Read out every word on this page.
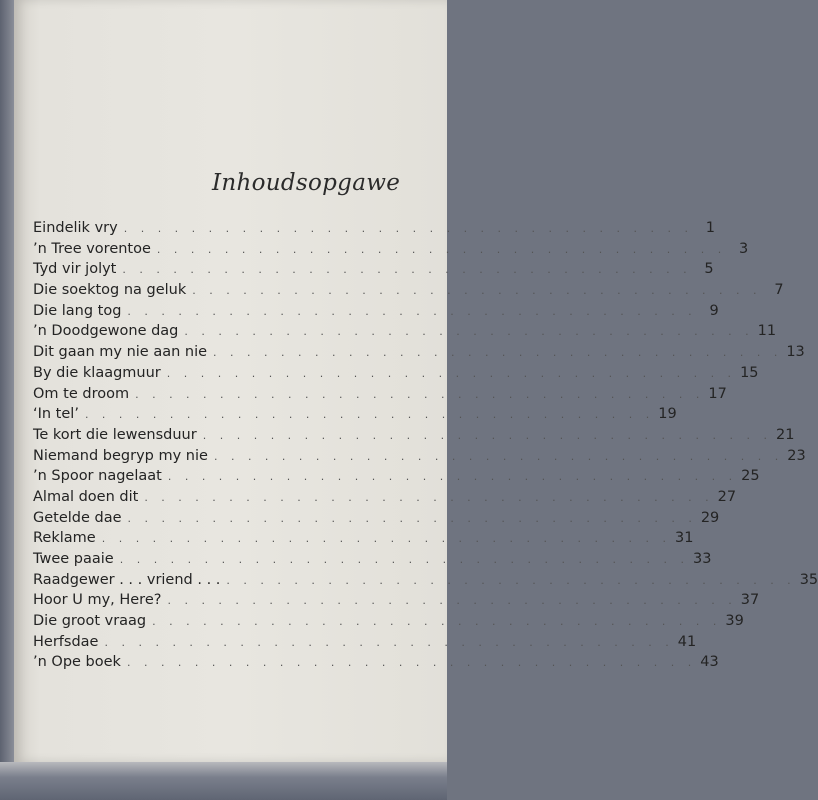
Inhoudsopgawe
Eindelik vry . . . . . . . . . . . . . . . . . . . . . . . . . . . . . . . . . . 1
’n Tree vorentoe . . . . . . . . . . . . . . . . . . . . . . . . . . . . . . . . . . 3
Tyd vir jolyt . . . . . . . . . . . . . . . . . . . . . . . . . . . . . . . . . . 5
Die soektog na geluk . . . . . . . . . . . . . . . . . . . . . . . . . . . . . . . . . . 7
Die lang tog . . . . . . . . . . . . . . . . . . . . . . . . . . . . . . . . . . 9
’n Doodgewone dag . . . . . . . . . . . . . . . . . . . . . . . . . . . . . . . . . . 11
Dit gaan my nie aan nie . . . . . . . . . . . . . . . . . . . . . . . . . . . . . . . . . . 13
By die klaagmuur . . . . . . . . . . . . . . . . . . . . . . . . . . . . . . . . . . 15
Om te droom . . . . . . . . . . . . . . . . . . . . . . . . . . . . . . . . . . 17
‘In tel’ . . . . . . . . . . . . . . . . . . . . . . . . . . . . . . . . . . 19
Te kort die lewensduur . . . . . . . . . . . . . . . . . . . . . . . . . . . . . . . . . . 21
Niemand begryp my nie . . . . . . . . . . . . . . . . . . . . . . . . . . . . . . . . . . 23
’n Spoor nagelaat . . . . . . . . . . . . . . . . . . . . . . . . . . . . . . . . . . 25
Almal doen dit . . . . . . . . . . . . . . . . . . . . . . . . . . . . . . . . . . 27
Getelde dae . . . . . . . . . . . . . . . . . . . . . . . . . . . . . . . . . . 29
Reklame . . . . . . . . . . . . . . . . . . . . . . . . . . . . . . . . . . 31
Twee paaie . . . . . . . . . . . . . . . . . . . . . . . . . . . . . . . . . . 33
Raadgewer . . . vriend . . . . . . . . . . . . . . . . . . . . . . . . . . . . . . . . . . . . . 35
Hoor U my, Here? . . . . . . . . . . . . . . . . . . . . . . . . . . . . . . . . . . 37
Die groot vraag . . . . . . . . . . . . . . . . . . . . . . . . . . . . . . . . . . 39
Herfsdae . . . . . . . . . . . . . . . . . . . . . . . . . . . . . . . . . . 41
’n Ope boek . . . . . . . . . . . . . . . . . . . . . . . . . . . . . . . . . . 43
